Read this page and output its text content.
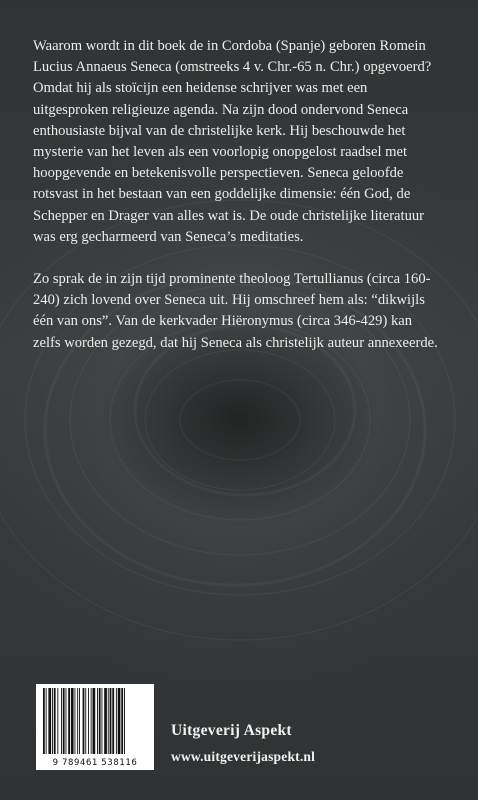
Waarom wordt in dit boek de in Cordoba (Spanje) geboren Romein Lucius Annaeus Seneca (omstreeks 4 v. Chr.-65 n. Chr.) opgevoerd? Omdat hij als stoïcijn een heidense schrijver was met een uitgesproken religieuze agenda. Na zijn dood ondervond Seneca enthousiaste bijval van de christelijke kerk. Hij beschouwde het mysterie van het leven als een voorlopig onopgelost raadsel met hoopgevende en betekenisvolle perspectieven. Seneca geloofde rotsvast in het bestaan van een goddelijke dimensie: één God, de Schepper en Drager van alles wat is. De oude christelijke literatuur was erg gecharmeerd van Seneca’s meditaties.

Zo sprak de in zijn tijd prominente theoloog Tertullianus (circa 160-240) zich lovend over Seneca uit. Hij omschreef hem als: “dikwijls één van ons”. Van de kerkvader Hiëronymus (circa 346-429) kan zelfs worden gezegd, dat hij Seneca als christelijk auteur annexeerde.

9 789461 538116
Uitgeverij Aspekt
www.uitgeverijaspekt.nl
